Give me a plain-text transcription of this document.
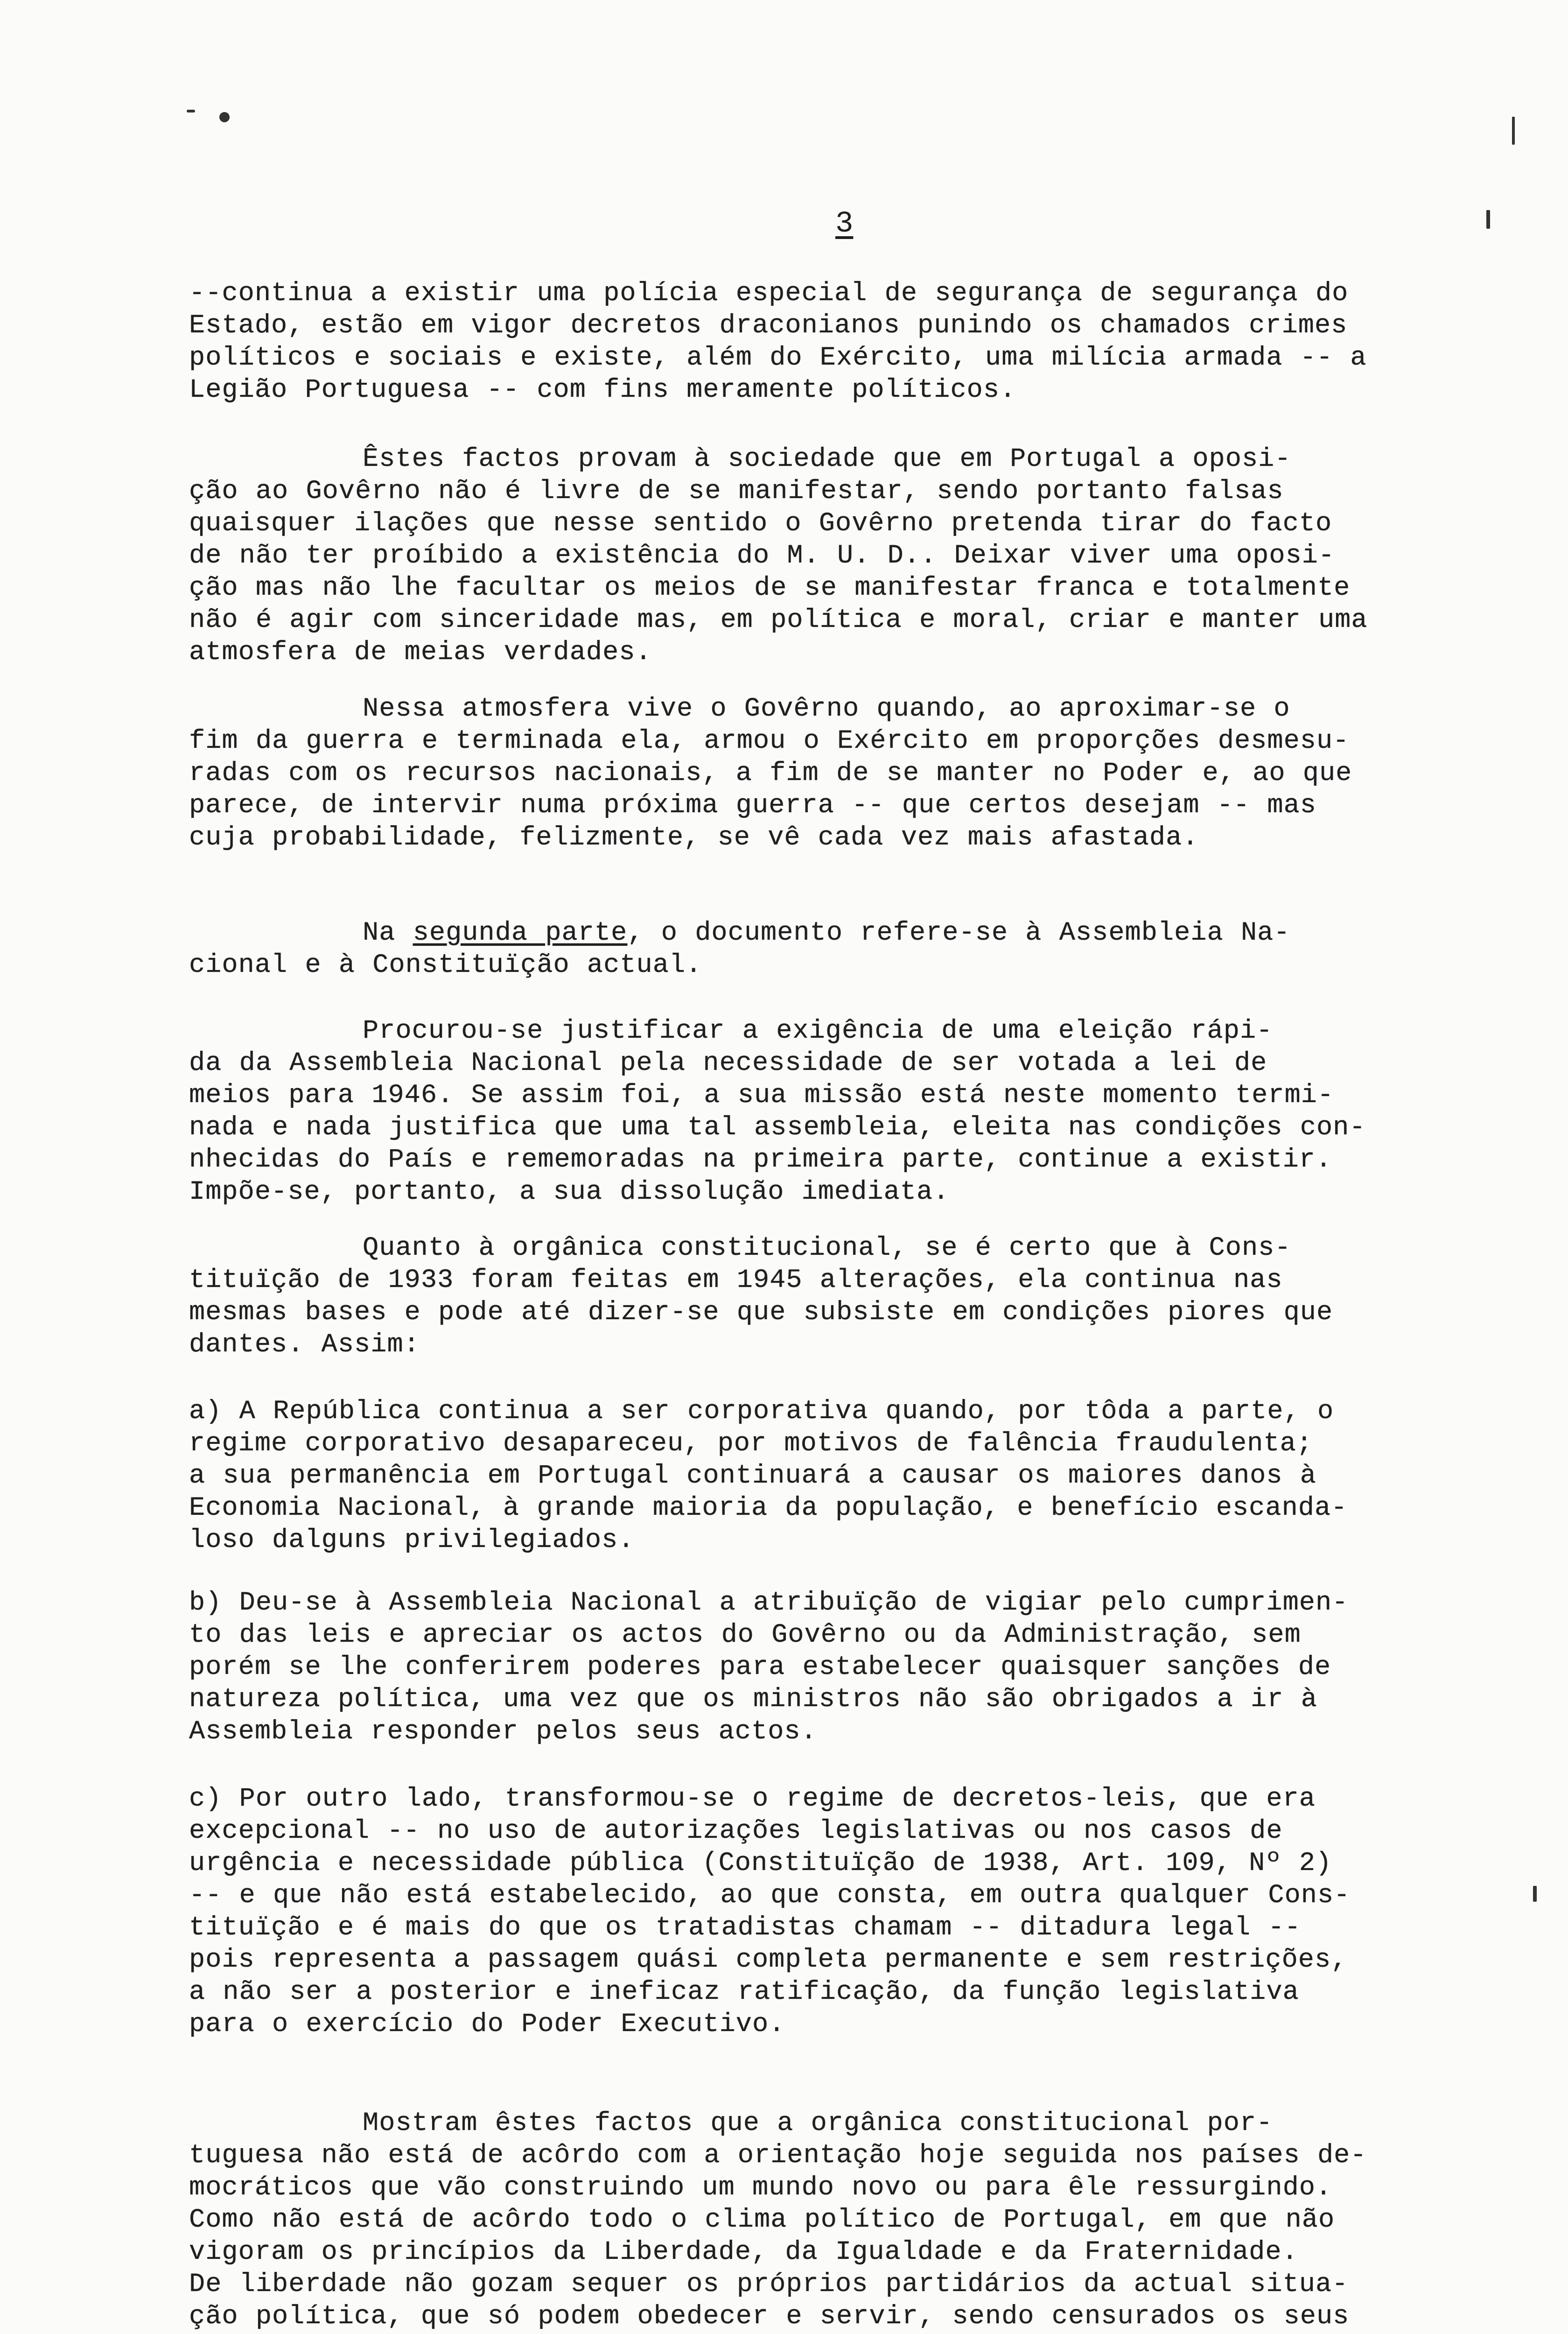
3
--continua a existir uma polícia especial de segurança de segurança do
Estado, estão em vigor decretos draconianos punindo os chamados crimes
políticos e sociais e existe, além do Exército, uma milícia armada -- a
Legião Portuguesa -- com fins meramente políticos.
Êstes factos provam à sociedade que em Portugal a oposi-
ção ao Govêrno não é livre de se manifestar, sendo portanto falsas
quaisquer ilações que nesse sentido o Govêrno pretenda tirar do facto
de não ter proíbido a existência do M. U. D.. Deixar viver uma oposi-
ção mas não lhe facultar os meios de se manifestar franca e totalmente
não é agir com sinceridade mas, em política e moral, criar e manter uma
atmosfera de meias verdades.
Nessa atmosfera vive o Govêrno quando, ao aproximar-se o
fim da guerra e terminada ela, armou o Exército em proporções desmesu-
radas com os recursos nacionais, a fim de se manter no Poder e, ao que
parece, de intervir numa próxima guerra -- que certos desejam -- mas
cuja probabilidade, felizmente, se vê cada vez mais afastada.
Na segunda parte, o documento refere-se à Assembleia Na-
cional e à Constituïção actual.
Procurou-se justificar a exigência de uma eleição rápi-
da da Assembleia Nacional pela necessidade de ser votada a lei de
meios para 1946. Se assim foi, a sua missão está neste momento termi-
nada e nada justifica que uma tal assembleia, eleita nas condições con-
nhecidas do País e rememoradas na primeira parte, continue a existir.
Impõe-se, portanto, a sua dissolução imediata.
Quanto à orgânica constitucional, se é certo que à Cons-
tituïção de 1933 foram feitas em 1945 alterações, ela continua nas
mesmas bases e pode até dizer-se que subsiste em condições piores que
dantes. Assim:
a) A República continua a ser corporativa quando, por tôda a parte, o
regime corporativo desapareceu, por motivos de falência fraudulenta;
a sua permanência em Portugal continuará a causar os maiores danos à
Economia Nacional, à grande maioria da população, e benefício escanda-
loso dalguns privilegiados.
b) Deu-se à Assembleia Nacional a atribuïção de vigiar pelo cumprimen-
to das leis e apreciar os actos do Govêrno ou da Administração, sem
porém se lhe conferirem poderes para estabelecer quaisquer sanções de
natureza política, uma vez que os ministros não são obrigados a ir à
Assembleia responder pelos seus actos.
c) Por outro lado, transformou-se o regime de decretos-leis, que era
excepcional -- no uso de autorizações legislativas ou nos casos de
urgência e necessidade pública (Constituïção de 1938, Art. 109, Nº 2)
-- e que não está estabelecido, ao que consta, em outra qualquer Cons-
tituïção e é mais do que os tratadistas chamam -- ditadura legal --
pois representa a passagem quási completa permanente e sem restrições,
a não ser a posterior e ineficaz ratificação, da função legislativa
para o exercício do Poder Executivo.
Mostram êstes factos que a orgânica constitucional por-
tuguesa não está de acôrdo com a orientação hoje seguida nos países de-
mocráticos que vão construindo um mundo novo ou para êle ressurgindo.
Como não está de acôrdo todo o clima político de Portugal, em que não
vigoram os princípios da Liberdade, da Igualdade e da Fraternidade.
De liberdade não gozam sequer os próprios partidários da actual situa-
ção política, que só podem obedecer e servir, sendo censurados os seus
